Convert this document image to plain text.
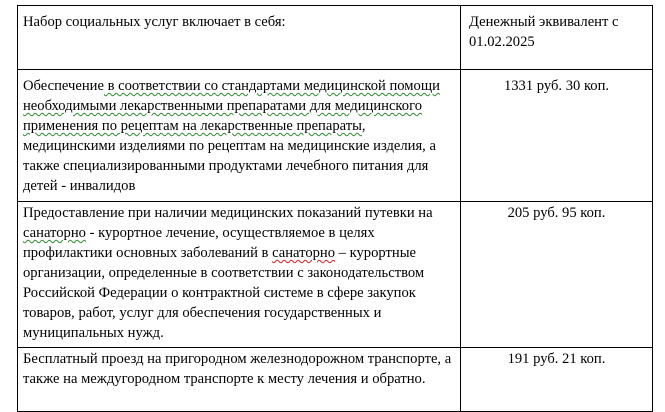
Набор социальных услуг включает в себя:	Денежный эквивалент с 01.02.2025
Обеспечение в соответствии со стандартами медицинской помощи необходимыми лекарственными препаратами для медицинского применения по рецептам на лекарственные препараты, медицинскими изделиями по рецептам на медицинские изделия, а также специализированными продуктами лечебного питания для детей - инвалидов	1331 руб. 30 коп.
Предоставление при наличии медицинских показаний путевки на санаторно - курортное лечение, осуществляемое в целях профилактики основных заболеваний в санаторно – курортные организации, определенные в соответствии с законодательством Российской Федерации о контрактной системе в сфере закупок товаров, работ, услуг для обеспечения государственных и муниципальных нужд.	205 руб. 95 коп.
Бесплатный проезд на пригородном железнодорожном транспорте, а также на междугородном транспорте к месту лечения и обратно.	191 руб. 21 коп.
